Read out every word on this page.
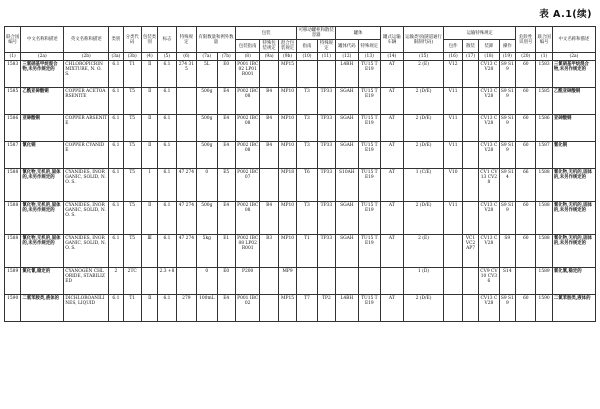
表 A.1(续)
联合国编号	中文名称和描述	英文名称和描述	类别	分类代码	包装类别	标志	特殊规定	有限数量和例外数量		包装			可移动罐柜和散装容器		罐体		罐式运输车辆	运输类别(隧道通行限制代码)	运输特殊规定				危险性识别号	联合国编号	中文名称和描述
										包装指南	特殊包装规定	混合包装规定	指南	特殊规定	罐体代码	特殊规定			包件	散装	装卸	操作			
(1)	(2a)	(2b)	(3a)	(3b)	(4)	(5)	(6)	(7a)	(7b)	(8)	(9a)	(9b)	(10)	(11)	(12)	(13)	(14)	(15)	(16)	(17)	(18)	(19)	(20)	(1)	(2a)
1583	三氯硝基甲烷混合物,未另作规定的	CHLOROPICRIN MIXTURE, N. O. S.	6.1	T1	Ⅱ	6.1	274 315	5L	E0	P001 IBC02 LP01 R001		MP15			L4BH	TU15 TE19	AT	2 (E)	V12		CV13 CV28	S9 S19	60	1583	三氯硝基甲烷混合物,未另作规定的
1585	乙酰亚砷酸铜	COPPER ACETOARSENITE	6.1	T5	Ⅱ	6.1		500g	E4	P002 IBC08	B4	MP10	T3	TP33	SGAH	TU15 TE19	AT	2 (D/E)	V11		CV13 CV28	S9 S19	60	1585	乙酰亚砷酸铜
1586	亚砷酸铜	COPPER ARSENITE	6.1	T5	Ⅱ	6.1		500g	E4	P002 IBC08	B4	MP10	T3	TP33	SGAH	TU15 TE19	AT	2 (D/E)	V11		CV13 CV28	S9 S19	60	1586	亚砷酸铜
1587	氰化铜	COPPER CYANIDE	6.1	T5	Ⅱ	6.1		500g	E4	P002 IBC08	B4	MP10	T3	TP33	SGAH	TU15 TE19	AT	2 (D/E)	V11		CV13 CV28	S9 S19	60	1587	氰化铜
1588	氰化物,无机的,固体的,未另作规定的	CYANIDES, INORGANIC, SOLID, N. O. S.	6.1	T5	Ⅰ	6.1	47 274	0	E5	P002 IBC07		MP18	T6	TP33	S10AH	TU15 TE19	AT	1 (C/E)	V10		CV1 CV13 CV28	S9 S14	66	1588	氰化物,无机的,固体的,未另作规定的
1588	氰化物,无机的,固体的,未另作规定的	CYANIDES, INORGANIC, SOLID, N. O. S.	6.1	T5	Ⅱ	6.1	47 274	500g	E4	P002 IBC08	B4	MP10	T3	TP33	SGAH	TU15 TE19	AT	2 (D/E)	V11		CV13 CV28	S9 S19	60	1588	氰化物,无机的,固体的,未另作规定的
1588	氰化物,无机的,固体的,未另作规定的	CYANIDES, INORGANIC, SOLID, N. O. S.	6.1	T5	Ⅲ	6.1	47 274	5kg	E1	P002 IBC08 LP02 R001	B3	MP10	T1	TP33	SGAH	TU15 TE19	AT	2 (E)		VC1 VC2 AP7	CV13 CV28	S9	60	1588	氰化物,无机的,固体的,未另作规定的
1589	氯化氰,稳定的	CYANOGEN CHLORIDE, STABILIZED	2	2TC		2.3 +8		0	E0	P200		MP9						1 (D)			CV9 CV10 CV36	S14		1589	氯化氰,稳定的
1590	二氯苯胺类,液体的	DICHLOROANILINES, LIQUID	6.1	T1	Ⅱ	6.1	279	100mL	E4	P001 IBC02		MP15	T7	TP2	L4BH	TU15 TE19	AT	2 (D/E)			CV13 CV28	S9 S19	60	1590	二氯苯胺类,液体的
